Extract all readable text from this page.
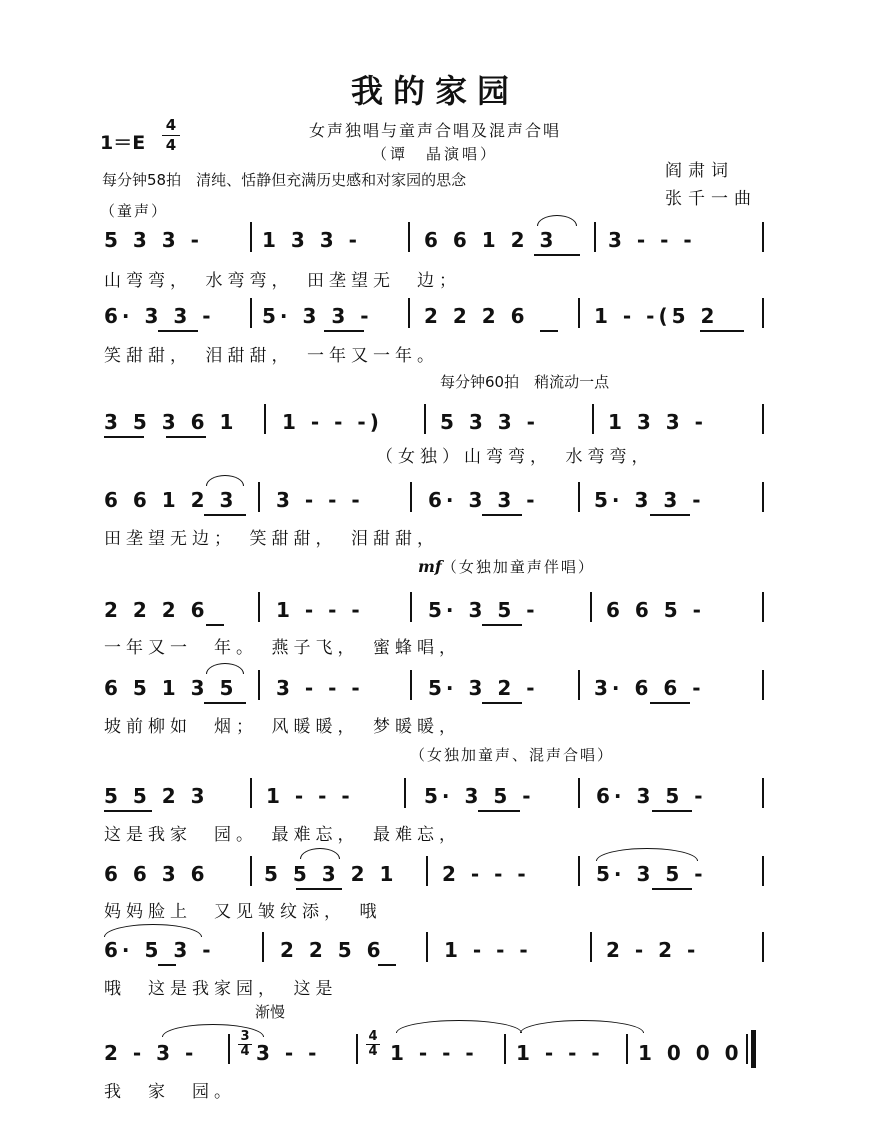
我的家园
女声独唱与童声合唱及混声合唱
（谭　晶演唱）
1＝E
4
4
阎肃词
张千一曲
每分钟58拍　清纯、恬静但充满历史感和对家园的思念
（童声）
每分钟60拍　稍流动一点
mf（女独加童声伴唱）
（女独加童声、混声合唱）
渐慢
5 3 3 -	1 3 3 -	6 6 1 2 3	3 - - -
山弯弯，　水弯弯，　田垄望无　边；
6· 3 3 - 5· 3 3 -	2 2 2 6	1 - -(5 2
笑甜甜，　泪甜甜，　一年又一年。
3 5 3 6 1 1 - - -)	5 3 3 -	1 3 3 -
（女独）山弯弯，　水弯弯，
6 6 1 2 3 3 - - -	6· 3 3 -	5· 3 3 -
田垄望无边；　笑甜甜，　泪甜甜，
2 2 2 6	1 - - -	5· 3 5 -	6 6 5 -
一年又一　年。　燕子飞，　蜜蜂唱，
6 5 1 3 5 3 - - -	5· 3 2 -	3· 6 6 -
坡前柳如　烟；　风暖暖，　梦暖暖，
5 5 2 3	1 - - -	5· 3 5 -	6· 3 5 -
这是我家　园。　最难忘，　最难忘，
6 6 3 6	5 5 3 2 1 2 - - -	5· 3 5 -
妈妈脸上　又见皱纹添，　哦
6· 5 3 -	2 2 5 6	1 - - -	2 - 2 -
哦　这是我家园，　这是
2 - 3 -
3
4 3 - -
4
4 1 - - - 1 - - - 1 0 0 0
我　家　园。
